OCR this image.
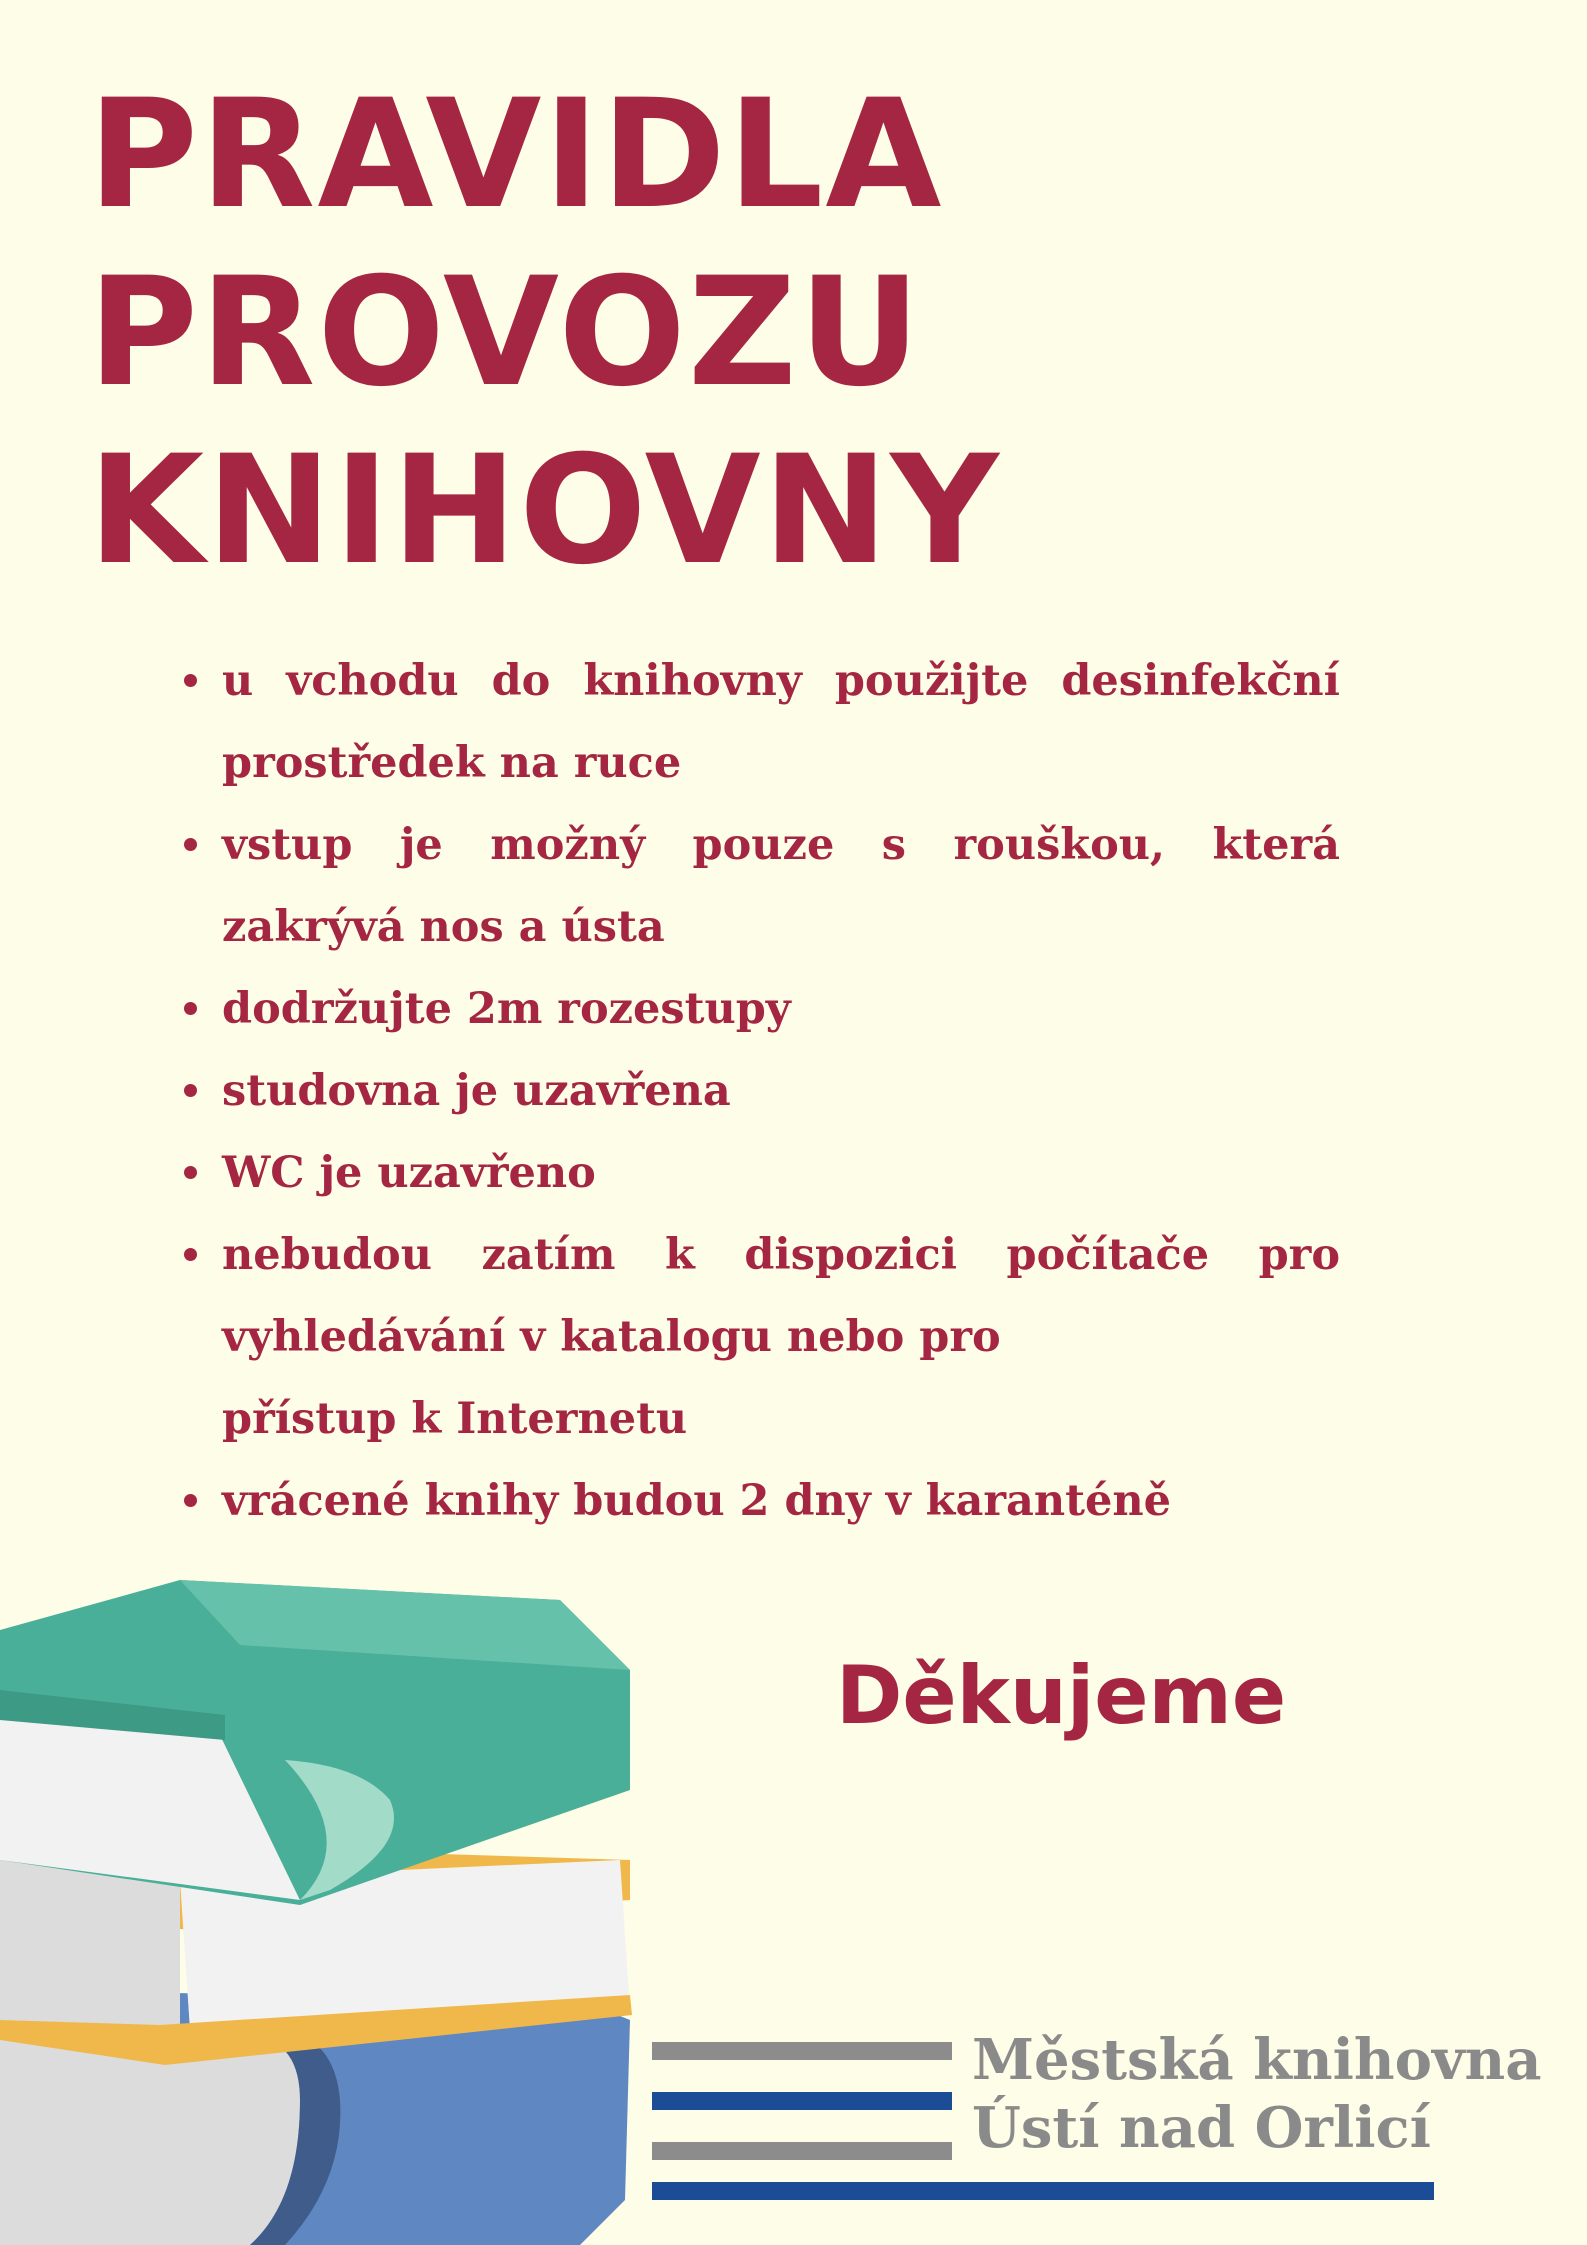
PRAVIDLA
PROVOZU
KNIHOVNY
u vchodu do knihovny použijte desinfekční
prostředek na ruce
vstup je možný pouze s rouškou, která
zakrývá nos a ústa
dodržujte 2m rozestupy
studovna je uzavřena
WC je uzavřeno
nebudou zatím k dispozici počítače pro
vyhledávání v katalogu nebo pro
přístup k Internetu
vrácené knihy budou 2 dny v karanténě
Děkujeme
Městská knihovna
Ústí nad Orlicí
